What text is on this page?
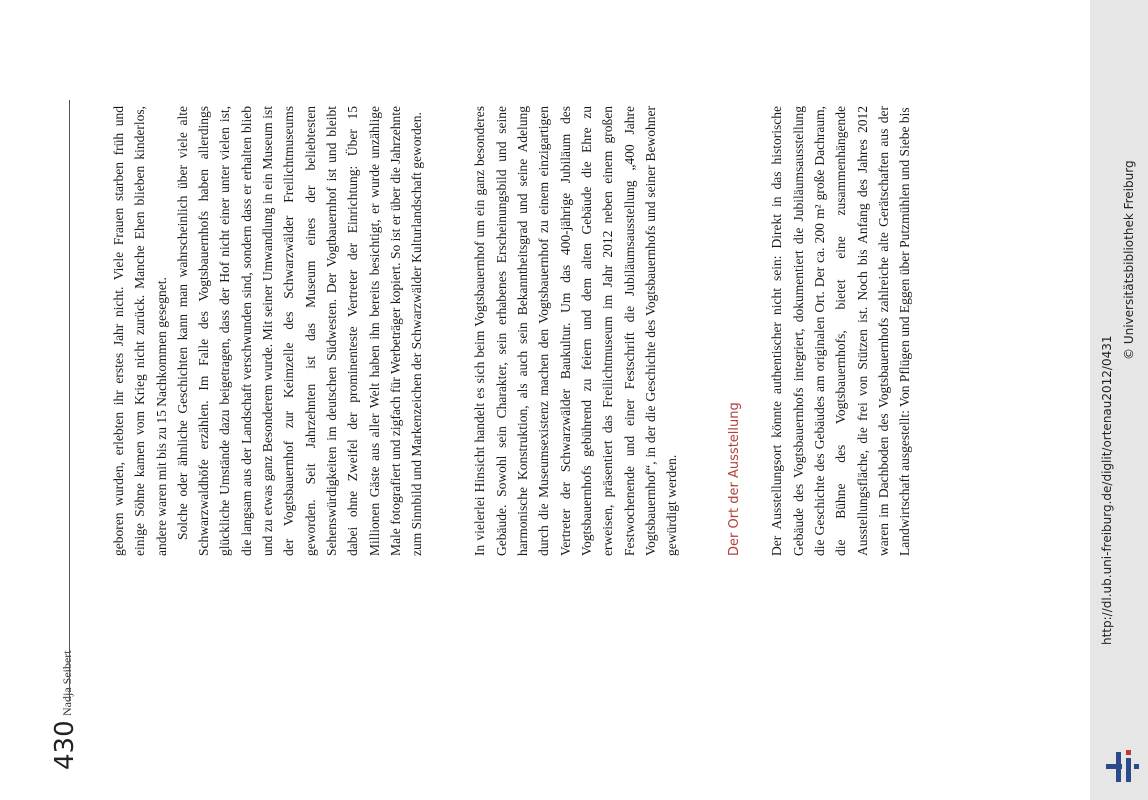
430
Nadja Seibert

geboren wurden, erlebten ihr erstes Jahr nicht. Viele Frauen starben früh und einige Söhne kamen vom Krieg nicht zurück. Manche Ehen blieben kinderlos, andere waren mit bis zu 15 Nachkommen gesegnet. Solche oder ähnliche Geschichten kann man wahrscheinlich über viele alte Schwarzwaldhöfe erzählen. Im Falle des Vogtsbauernhofs haben allerdings glückliche Umstände dazu beigetragen, dass der Hof nicht einer unter vielen ist, die langsam aus der Landschaft verschwunden sind, sondern dass er erhalten blieb und zu etwas ganz Besonderem wurde. Mit seiner Umwandlung in ein Museum ist der Vogtsbauernhof zur Keimzelle des Schwarzwälder Freilichtmuseums geworden. Seit Jahrzehnten ist das Museum eines der beliebtesten Sehenswürdigkeiten im deutschen Südwesten. Der Vogtbauernhof ist und bleibt dabei ohne Zweifel der prominenteste Vertreter der Einrichtung: Über 15 Millionen Gäste aus aller Welt haben ihn bereits besichtigt, er wurde unzählige Male fotografiert und zigfach für Werbeträger kopiert. So ist er über die Jahrzehnte zum Sinnbild und Markenzeichen der Schwarzwälder Kulturlandschaft geworden.	In vielerlei Hinsicht handelt es sich beim Vogtsbauernhof um ein ganz besonderes Gebäude. Sowohl sein Charakter, sein erhabenes Erscheinungsbild und seine harmonische Konstruktion, als auch sein Bekanntheitsgrad und seine Adelung durch die Museumsexistenz machen den Vogtsbauernhof zu einem einzigartigen Vertreter der Schwarzwälder Baukultur. Um das 400-jährige Jubiläum des Vogtsbauernhofs gebührend zu feiern und dem alten Gebäude die Ehre zu erweisen, präsentiert das Freilichtmuseum im Jahr 2012 neben einem großen Festwochenende und einer Festschrift die Jubiläumsausstellung „400 Jahre Vogtsbauernhof“, in der die Geschichte des Vogtsbauernhofs und seiner Bewohner gewürdigt werden.	Der Ort der Ausstellung Der Ausstellungsort könnte authentischer nicht sein: Direkt in das historische Gebäude des Vogtsbauernhofs integriert, dokumentiert die Jubiläumsausstellung die Geschichte des Gebäudes am originalen Ort. Der ca. 200 m² große Dachraum, die Bühne des Vogtsbauernhofs, bietet eine zusammenhängende Ausstellungsfläche, die frei von Stützen ist. Noch bis Anfang des Jahres 2012 waren im Dachboden des Vogtsbauernhofs zahlreiche alte Gerätschaften aus der Landwirtschaft ausgestellt: Von Pflügen und Eggen über Putzmühlen und Siebe bis	http://dl.ub.uni-freiburg.de/diglit/ortenau2012/0431
© Universitätsbibliothek Freiburg
